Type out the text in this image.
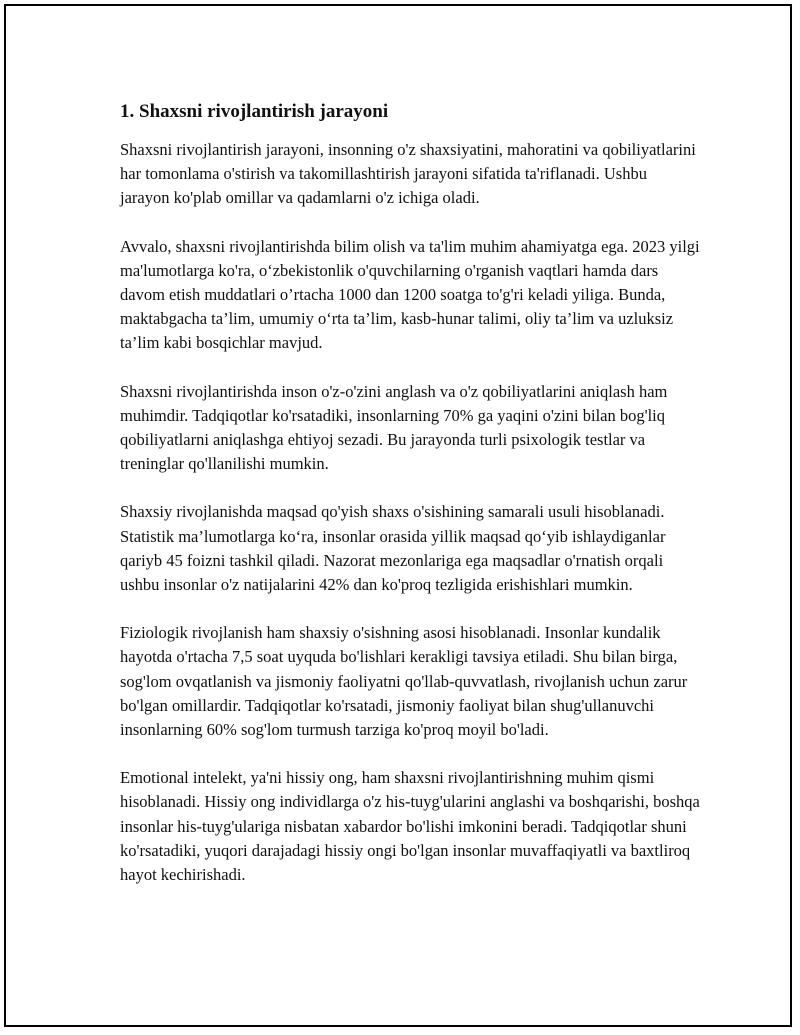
1. Shaxsni rivojlantirish jarayoni

Shaxsni rivojlantirish jarayoni, insonning o'z shaxsiyatini, mahoratini va qobiliyatlarini har tomonlama o'stirish va takomillashtirish jarayoni sifatida ta'riflanadi. Ushbu jarayon ko'plab omillar va qadamlarni o'z ichiga oladi.

Avvalo, shaxsni rivojlantirishda bilim olish va ta'lim muhim ahamiyatga ega. 2023 yilgi ma'lumotlarga ko'ra, o‘zbekistonlik o'quvchilarning o'rganish vaqtlari hamda dars davom etish muddatlari o’rtacha 1000 dan 1200 soatga to'g'ri keladi yiliga. Bunda, maktabgacha ta’lim, umumiy o‘rta ta’lim, kasb-hunar talimi, oliy ta’lim va uzluksiz ta’lim kabi bosqichlar mavjud.

Shaxsni rivojlantirishda inson o'z-o'zini anglash va o'z qobiliyatlarini aniqlash ham muhimdir. Tadqiqotlar ko'rsatadiki, insonlarning 70% ga yaqini o'zini bilan bog'liq qobiliyatlarni aniqlashga ehtiyoj sezadi. Bu jarayonda turli psixologik testlar va treninglar qo'llanilishi mumkin.

Shaxsiy rivojlanishda maqsad qo'yish shaxs o'sishining samarali usuli hisoblanadi. Statistik ma’lumotlarga ko‘ra, insonlar orasida yillik maqsad qo‘yib ishlaydiganlar qariyb 45 foizni tashkil qiladi. Nazorat mezonlariga ega maqsadlar o'rnatish orqali ushbu insonlar o'z natijalarini 42% dan ko'proq tezligida erishishlari mumkin.

Fiziologik rivojlanish ham shaxsiy o'sishning asosi hisoblanadi. Insonlar kundalik hayotda o'rtacha 7,5 soat uyquda bo'lishlari kerakligi tavsiya etiladi. Shu bilan birga, sog'lom ovqatlanish va jismoniy faoliyatni qo'llab-quvvatlash, rivojlanish uchun zarur bo'lgan omillardir. Tadqiqotlar ko'rsatadi, jismoniy faoliyat bilan shug'ullanuvchi insonlarning 60% sog'lom turmush tarziga ko'proq moyil bo'ladi.

Emotional intelekt, ya'ni hissiy ong, ham shaxsni rivojlantirishning muhim qismi hisoblanadi. Hissiy ong individlarga o'z his-tuyg'ularini anglashi va boshqarishi, boshqa insonlar his-tuyg'ulariga nisbatan xabardor bo'lishi imkonini beradi. Tadqiqotlar shuni ko'rsatadiki, yuqori darajadagi hissiy ongi bo'lgan insonlar muvaffaqiyatli va baxtliroq hayot kechirishadi.
